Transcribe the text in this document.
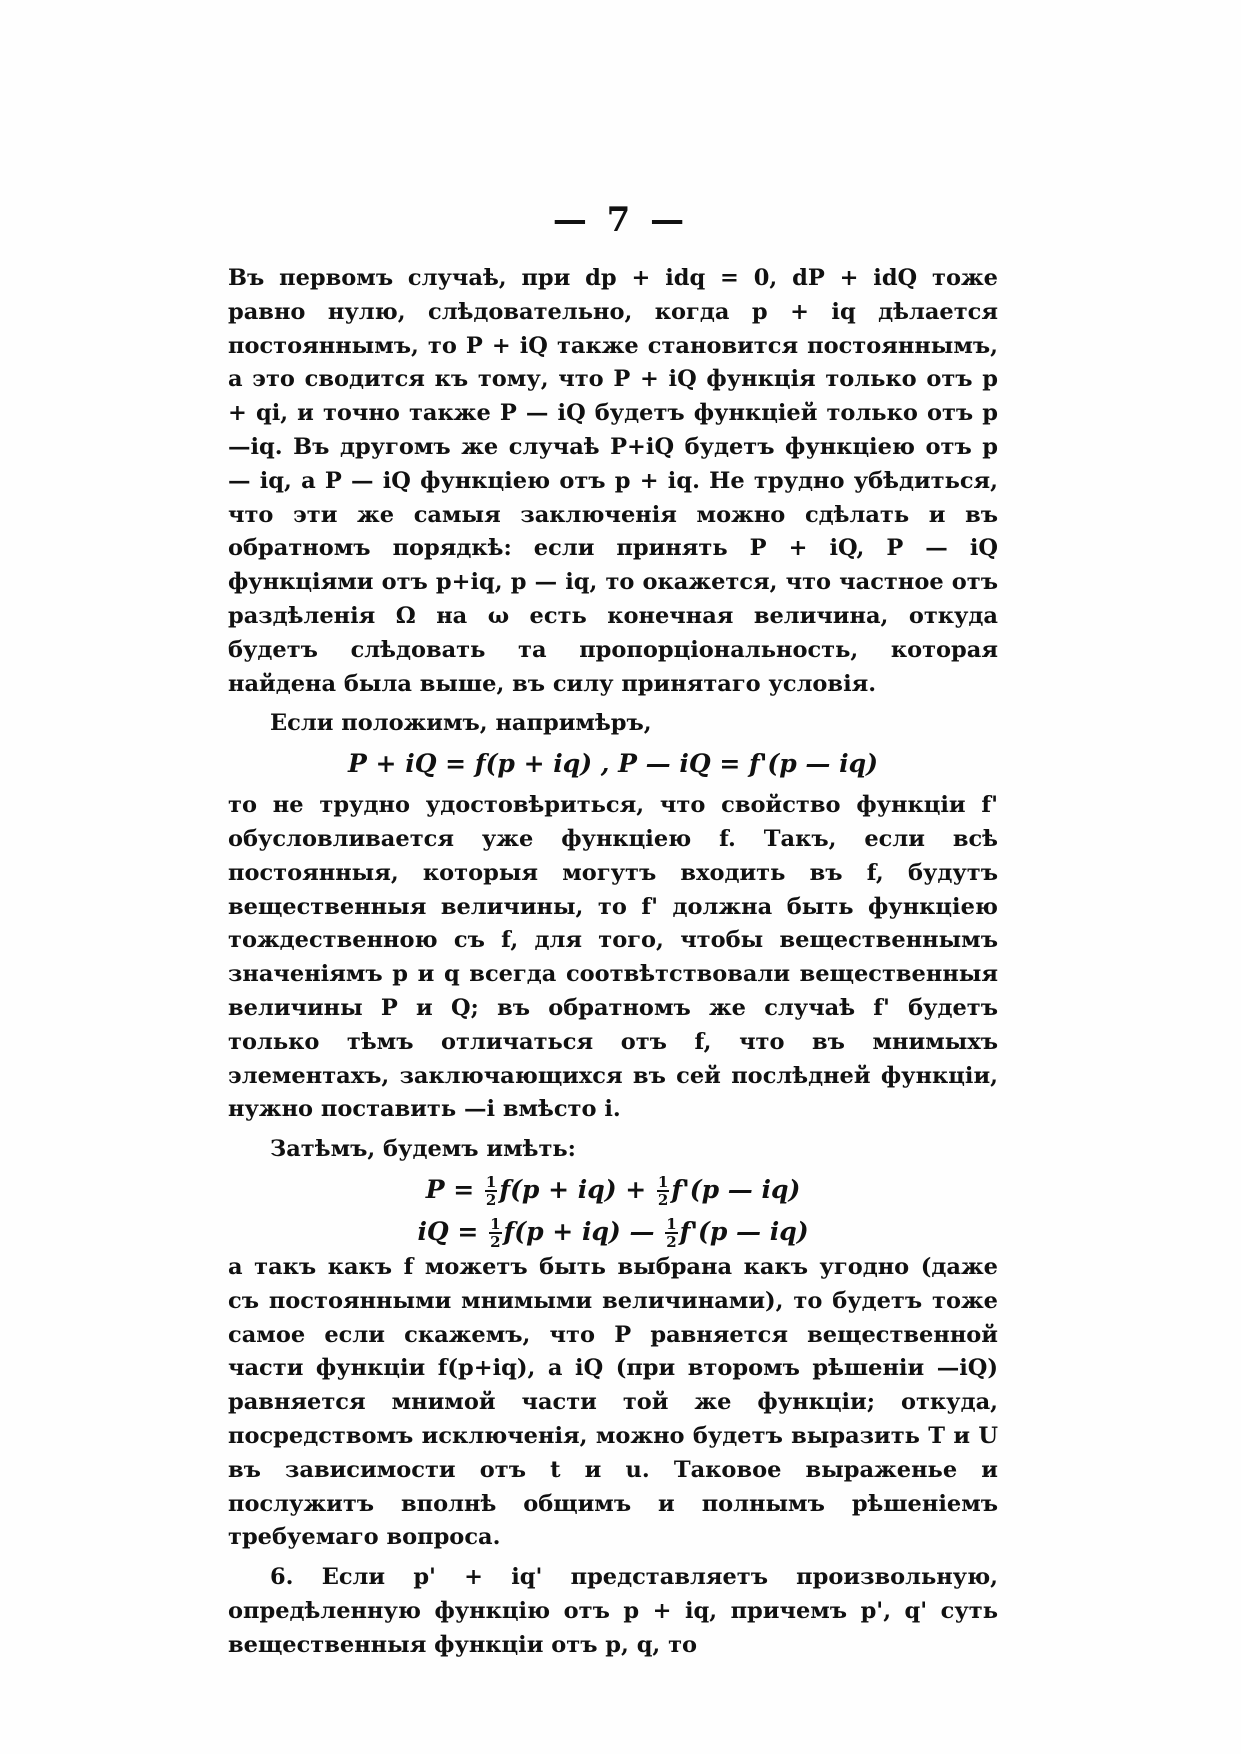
— 7 —

Въ первомъ случаѣ, при dp + idq = 0, dP + idQ тоже равно нулю, слѣдовательно, когда p + iq дѣлается постояннымъ, то P + iQ также становится постояннымъ, а это сводится къ тому, что P + iQ функція только отъ p + qi, и точно также P — iQ будетъ функціей только отъ p—iq. Въ другомъ же случаѣ P+iQ будетъ функціею отъ p — iq, а P — iQ функціею отъ p + iq. Не трудно убѣдиться, что эти же самыя заключенія можно сдѣлать и въ обратномъ порядкѣ: если принять P + iQ, P — iQ функціями отъ p+iq, p — iq, то окажется, что частное отъ раздѣленія Ω на ω есть конечная величина, откуда будетъ слѣдовать та пропорціональность, которая найдена была выше, въ силу принятаго условія.

Если положимъ, напримѣръ,

P + iQ = f(p + iq) , P — iQ = f'(p — iq)

то не трудно удостовѣриться, что свойство функціи f' обусловливается уже функціею f. Такъ, если всѣ постоянныя, которыя могутъ входить въ f, будутъ вещественныя величины, то f' должна быть функціею тождественною съ f, для того, чтобы вещественнымъ значеніямъ p и q всегда соотвѣтствовали вещественныя величины P и Q; въ обратномъ же случаѣ f' будетъ только тѣмъ отличаться отъ f, что въ мнимыхъ элементахъ, заключающихся въ сей послѣдней функціи, нужно поставить —i вмѣсто i.

Затѣмъ, будемъ имѣть:

$P = \frac{1}{2} f(p + iq) + \frac{1}{2} f'(p$ — iq)
iQ = $\frac{1}{2} f(p + iq)$ — $\frac{1}{2} f'(p$ — iq)

а такъ какъ f можетъ быть выбрана какъ угодно (даже съ постоянными мнимыми величинами), то будетъ тоже самое если скажемъ, что P равняется вещественной части функціи f(p+iq), а iQ (при второмъ рѣшеніи —iQ) равняется мнимой части той же функціи; откуда, посредствомъ исключенія, можно будетъ выразить T и U въ зависимости отъ t и u. Таковое выраженье и послужитъ вполнѣ общимъ и полнымъ рѣшеніемъ требуемаго вопроса.

6. Если p' + iq' представляетъ произвольную, опредѣленную функцію отъ p + iq, причемъ p', q' суть вещественныя функціи отъ p, q, то
